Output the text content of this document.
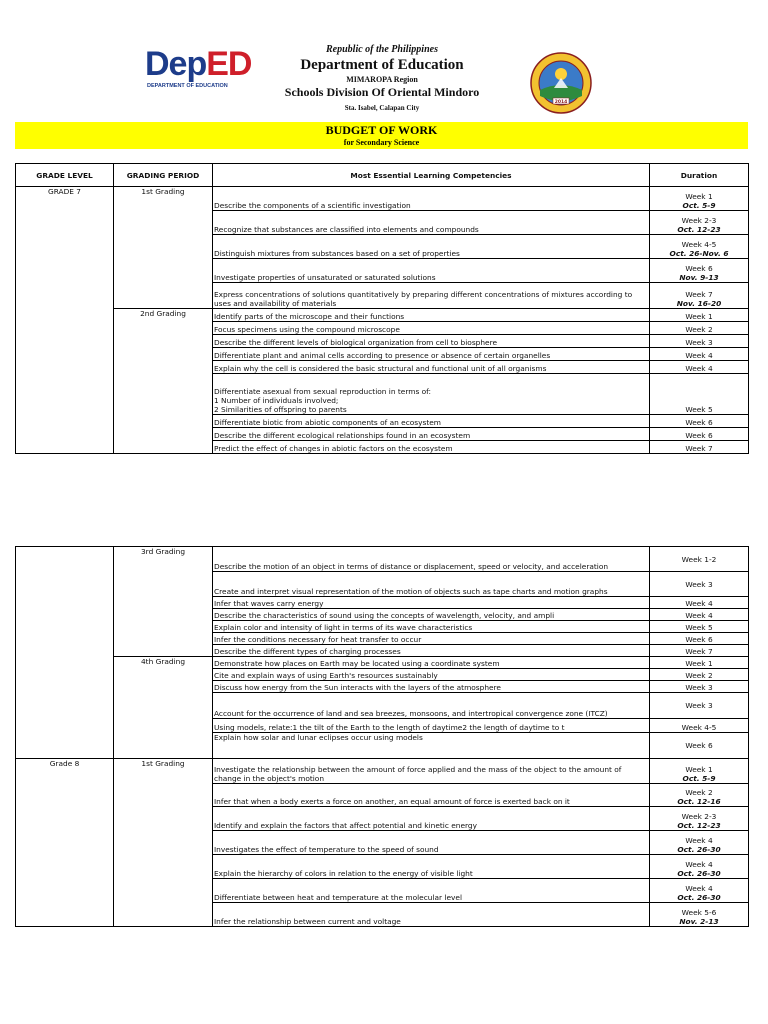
DepED
DEPARTMENT OF EDUCATION
Republic of the Philippines
Department of Education
MIMAROPA Region
Schools Division Of Oriental Mindoro
Sta. Isabel, Calapan City
2014
BUDGET OF WORK
for Secondary Science
GRADE LEVEL	GRADING PERIOD	Most Essential Learning Competencies	Duration
GRADE 7	1st Grading	Describe the components of a scientific investigation	Week 1
Oct. 5-9

		Recognize that substances are classified into elements and compounds	Week 2-3
Oct. 12-23

		Distinguish mixtures from substances based on a set of properties	Week 4-5
Oct. 26-Nov. 6

		Investigate properties of unsaturated or saturated solutions	Week 6
Nov. 9-13

		Express concentrations of solutions quantitatively by preparing different concentrations of mixtures according to uses and availability of materials	Week 7
Nov. 16-20

	2nd Grading	Identify parts of the microscope and their functions	Week 1

		Focus specimens using the compound microscope	Week 2

		Describe the different levels of biological organization from cell to biosphere	Week 3

		Differentiate plant and animal cells according to presence or absence of certain organelles	Week 4

		Explain why the cell is considered the basic structural and functional unit of all organisms	Week 4

		Differentiate asexual from sexual reproduction in terms of:
1 Number of individuals involved;
2 Similarities of offspring to parents	Week 5

		Differentiate biotic from abiotic components of an ecosystem	Week 6

		Describe the different ecological relationships found in an ecosystem	Week 6

		Predict the effect of changes in abiotic factors on the ecosystem	Week 7
	3rd Grading	Describe the motion of an object in terms of distance or displacement, speed or velocity, and acceleration	Week 1-2

		Create and interpret visual representation of the motion of objects such as tape charts and motion graphs	Week 3

		Infer that waves carry energy	Week 4

		Describe the characteristics of sound using the concepts of wavelength, velocity, and ampli	Week 4

		Explain color and intensity of light in terms of its wave characteristics	Week 5

		Infer the conditions necessary for heat transfer to occur	Week 6

		Describe the different types of charging processes	Week 7

	4th Grading	Demonstrate how places on Earth may be located using a coordinate system	Week 1

		Cite and explain ways of using Earth's resources sustainably	Week 2

		Discuss how energy from the Sun interacts with the layers of the atmosphere	Week 3

		Account for the occurrence of land and sea breezes, monsoons, and intertropical convergence zone (ITCZ)	Week 3

		Using models, relate:1 the tilt of the Earth to the length of daytime2 the length of daytime to t	Week 4-5

		Explain how solar and lunar eclipses occur using models	Week 6

Grade 8	1st Grading	Investigate the relationship between the amount of force applied and the mass of the object to the amount of change in the object's motion	Week 1
Oct. 5-9

		Infer that when a body exerts a force on another, an equal amount of force is exerted back on it	Week 2
Oct. 12-16

		Identify and explain the factors that affect potential and kinetic energy	Week 2-3
Oct. 12-23

		Investigates the effect of temperature to the speed of sound	Week 4
Oct. 26-30

		Explain the hierarchy of colors in relation to the energy of visible light	Week 4
Oct. 26-30

		Differentiate between heat and temperature at the molecular level	Week 4
Oct. 26-30

		Infer the relationship between current and voltage	Week 5-6
Nov. 2-13
